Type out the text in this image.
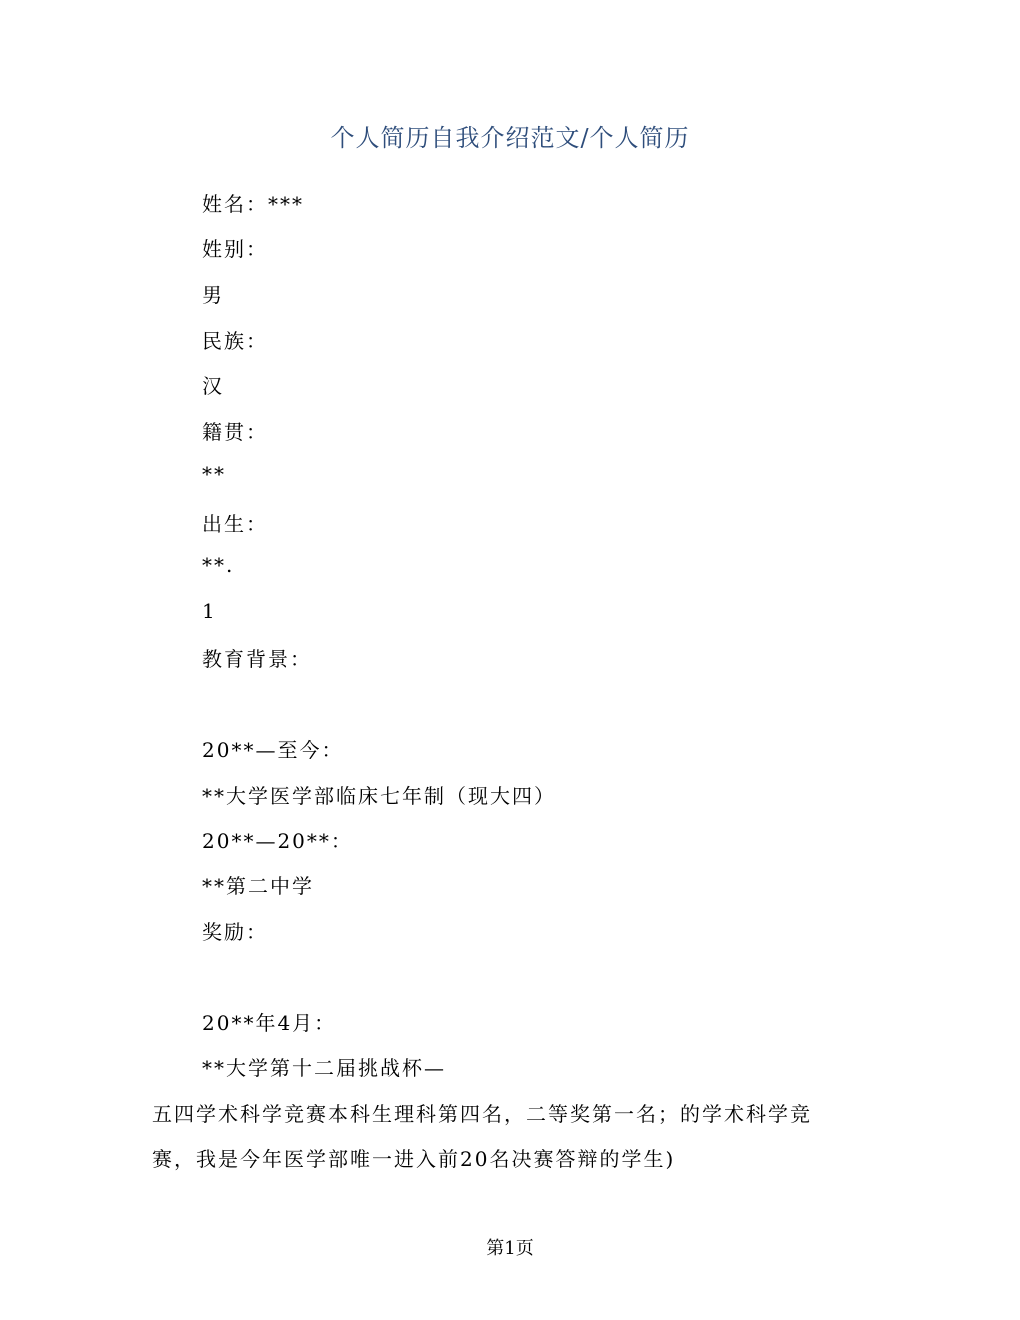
个人简历自我介绍范文/个人简历
姓名：***
姓别：
男
民族：
汉
籍贯：
**
出生：
**.
1
教育背景：
20**—至今：
**大学医学部临床七年制（现大四）
20**—20**：
**第二中学
奖励：
20**年4月：
**大学第十二届挑战杯—
五四学术科学竞赛本科生理科第四名，二等奖第一名；的学术科学竞
赛，我是今年医学部唯一进入前20名决赛答辩的学生)
第1页
